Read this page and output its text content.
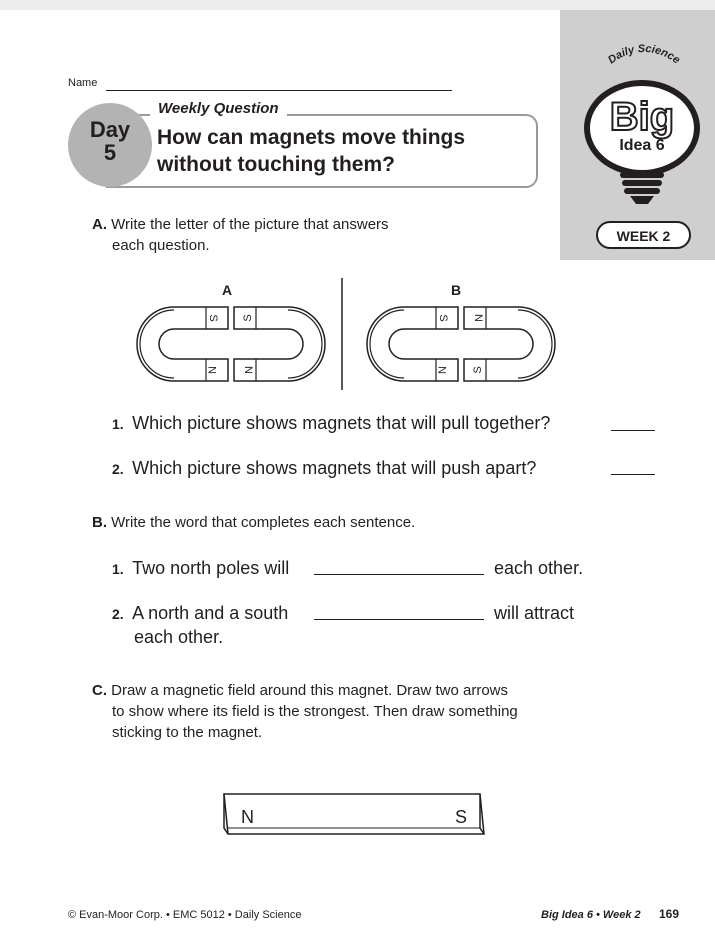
Daily Science
Big
Idea 6
WEEK 2
Name
Weekly Question
Day
5
How can magnets move things
without touching them?
A. Write the letter of the picture that answers
each question.
A	B
S
N
S
N
S
N
N
S
1. Which picture shows magnets that will pull together?
2. Which picture shows magnets that will push apart?
B. Write the word that completes each sentence.
1. Two north poles will	each other.
2. A north and a south	will attract
each other.
C. Draw a magnetic field around this magnet. Draw two arrows
to show where its field is the strongest. Then draw something
sticking to the magnet.
N	S
© Evan-Moor Corp. • EMC 5012 • Daily Science	Big Idea 6 • Week 2 169
